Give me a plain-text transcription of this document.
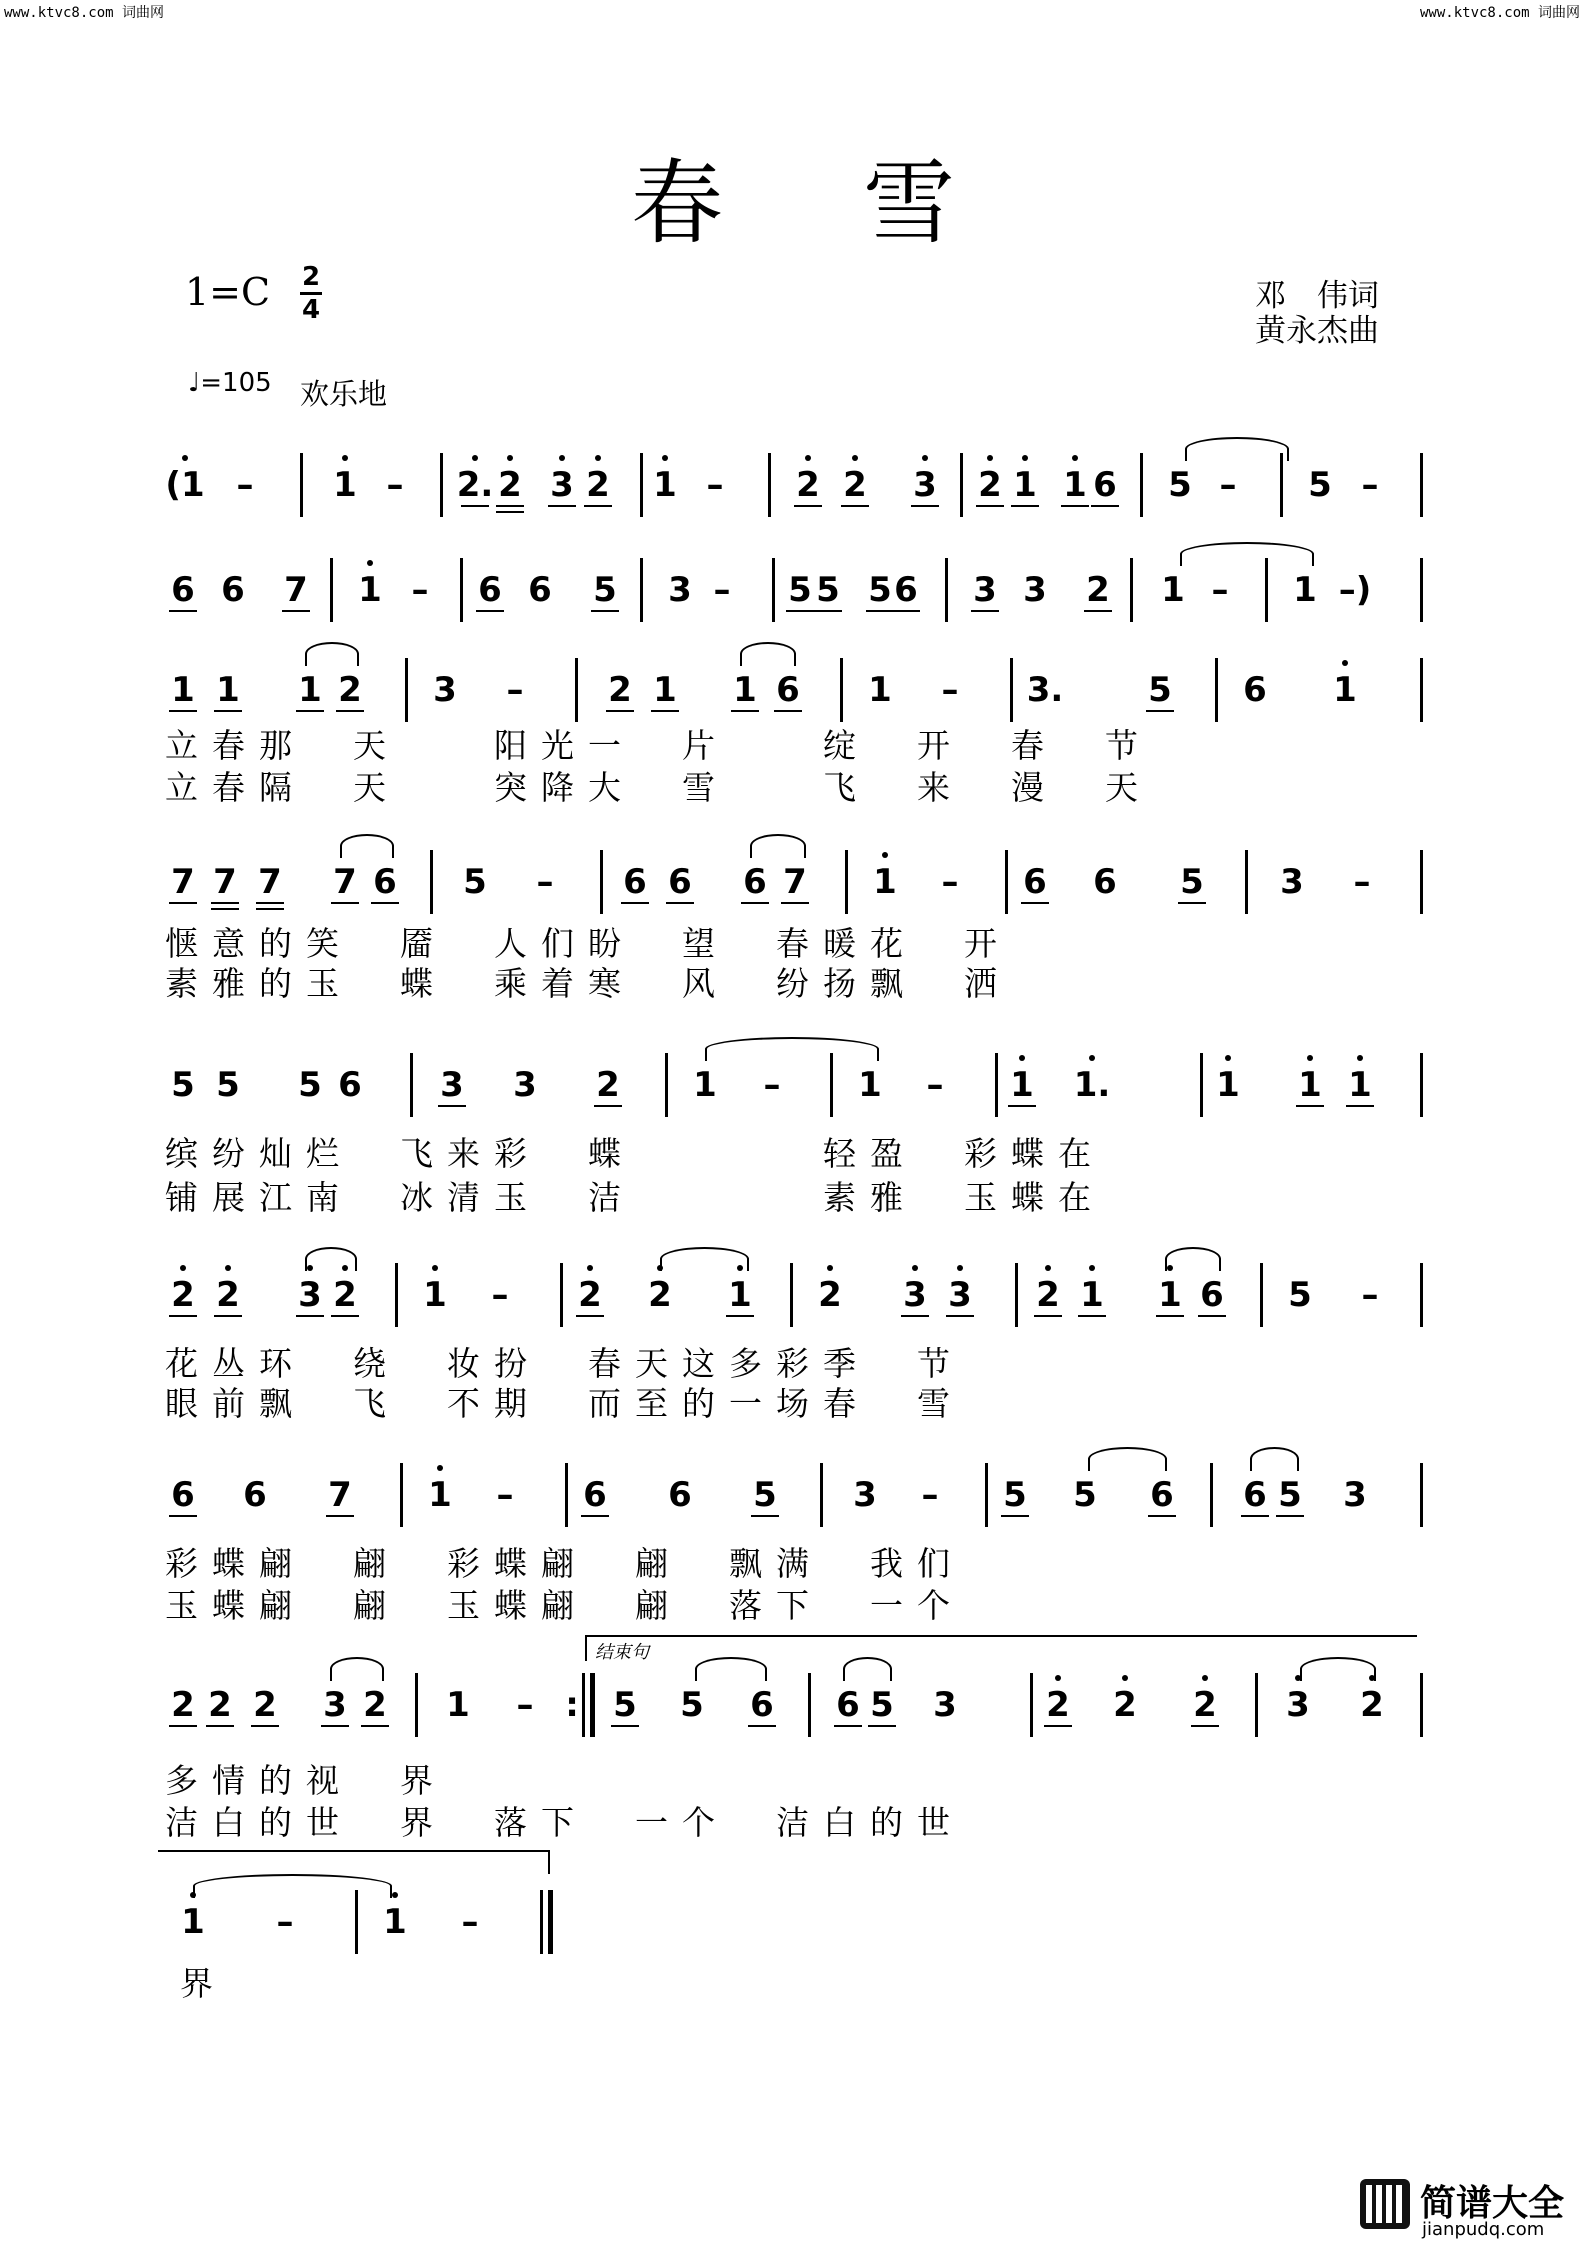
www.ktvc8.com 词曲网	www.ktvc8.com 词曲网
春雪
1=C 2
4	邓　伟词
黄永杰曲
♩=105 欢乐地
(1 – 1 – 2. 2 3 2 1 – 2 2 3 2 1 1 6 5 – 5 –
6 6 7 1 – 6 6 5 3 – 5 5 5 6 3 3 2 1 – 1 –)
1 1 1 2 3 – 2 1 1 6 1 – 3. 5 6 1
7 7 7 7 6 5 – 6 6 6 7 1 – 6 6 5 3 –
5 5 5 6 3 3 2 1 – 1 – 1 1.	1 1 1
2 2 3 2 1 – 2 2 1 2 3 3 2 1 1 6 5 –
6 6 7 1 – 6 6 5 3 – 5 5 6 6 5 3
2 2 2 3 2 1 – : 5 5 6 6 5 3	2 2 2 3 2
1 –	1 –
立春那　天　　阳光一　片　　绽　开　春　节
立春隔　天　　突降大　雪　　飞　来　漫　天
惬意的笑　靥　人们盼　望　春暖花　开
素雅的玉　蝶　乘着寒　风　纷扬飘　洒
缤纷灿烂　飞来彩　蝶　　　　轻盈　彩蝶在
铺展江南　冰清玉　洁　　　　素雅　玉蝶在
花丛环　绕　妆扮　春天这多彩季　节
眼前飘　飞　不期　而至的一场春　雪
彩蝶翩　翩　彩蝶翩　翩　飘满　我们
玉蝶翩　翩　玉蝶翩　翩　落下　一个
多情的视　界
洁白的世　界　落下　一个　洁白的世
界
结束句
简谱大全
jianpudq.com
